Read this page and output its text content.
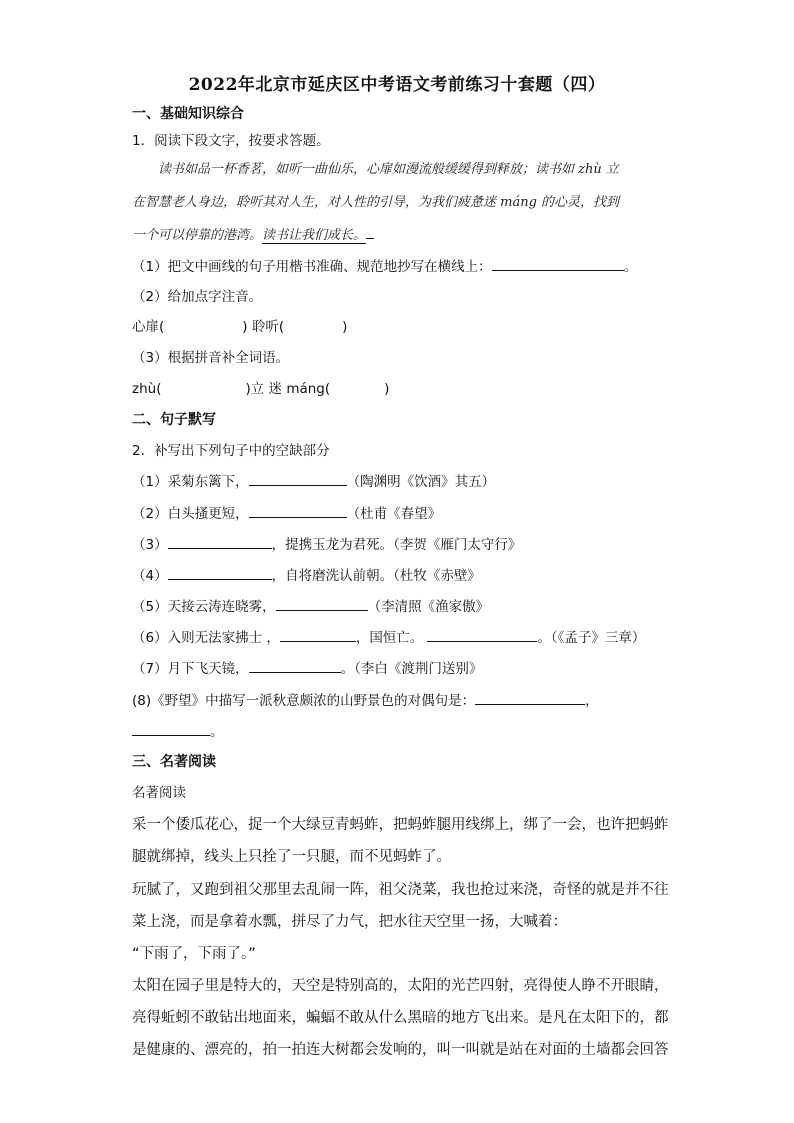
2022年北京市延庆区中考语文考前练习十套题（四）
一、基础知识综合
1．阅读下段文字，按要求答题。
读书如品一杯香茗，如听一曲仙乐，心扉如漫流般缓缓得到释放；读书如 zhù 立
在智慧老人身边，聆听其对人生，对人性的引导，为我们疲惫迷 máng 的心灵，找到
一个可以停靠的港湾。读书让我们成长。
（1）把文中画线的句子用楷书准确、规范地抄写在横线上：	。
（2）给加点字注音。
心扉(	) 聆听(	)
（3）根据拼音补全词语。
zhù(	)立 迷 máng(	)
二、句子默写
2．补写出下列句子中的空缺部分
（1）采菊东篱下，	（陶渊明《饮酒》其五）
（2）白头搔更短，	（杜甫《春望》
（3）	，提携玉龙为君死。（李贺《雁门太守行》
（4）	，自将磨洗认前朝。（杜牧《赤壁》
（5）天接云涛连晓雾，	（李清照《渔家傲》
（6）入则无法家拂士 ，	，国恒亡。	。（《孟子》三章）
（7）月下飞天镜，	。（李白《渡荆门送别》
(8)《野望》中描写一派秋意颇浓的山野景色的对偶句是：	，
。
三、名著阅读
名著阅读
采一个倭瓜花心，捉一个大绿豆青蚂蚱，把蚂蚱腿用线绑上，绑了一会，也许把蚂蚱
腿就绑掉，线头上只拴了一只腿，而不见蚂蚱了。
玩腻了，又跑到祖父那里去乱闹一阵，祖父浇菜，我也抢过来浇，奇怪的就是并不往
菜上浇，而是拿着水瓢，拼尽了力气，把水往天空里一扬，大喊着：
“下雨了，下雨了。”
太阳在园子里是特大的，天空是特别高的，太阳的光芒四射，亮得使人睁不开眼睛，
亮得蚯蚓不敢钻出地面来，蝙蝠不敢从什么黑暗的地方飞出来。是凡在太阳下的，都
是健康的、漂亮的，拍一拍连大树都会发响的，叫一叫就是站在对面的土墙都会回答
